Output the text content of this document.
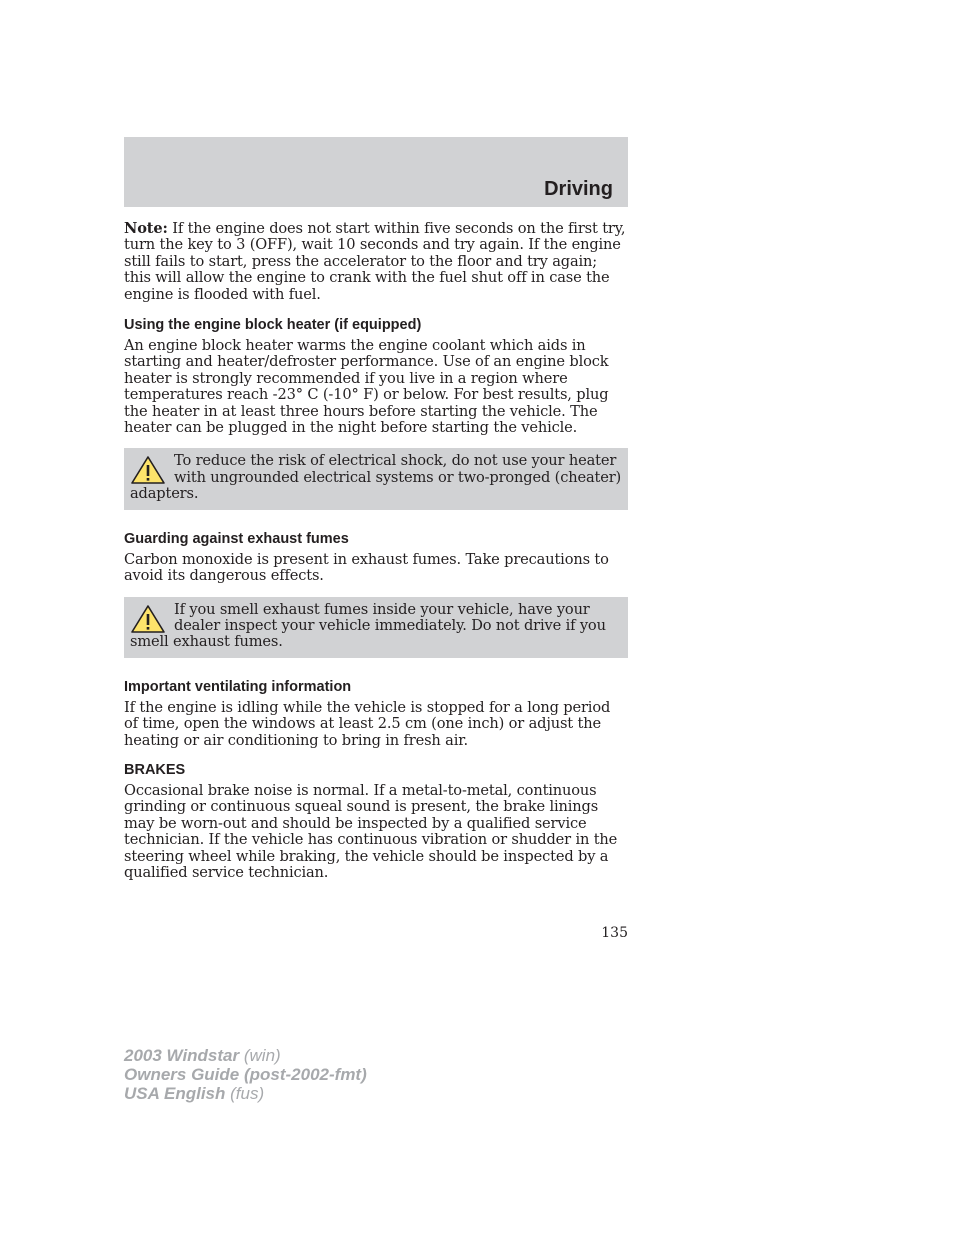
Driving

Note: If the engine does not start within five seconds on the first try, turn the key to 3 (OFF), wait 10 seconds and try again. If the engine still fails to start, press the accelerator to the floor and try again; this will allow the engine to crank with the fuel shut off in case the engine is flooded with fuel.

Using the engine block heater (if equipped)

An engine block heater warms the engine coolant which aids in starting and heater/defroster performance. Use of an engine block heater is strongly recommended if you live in a region where temperatures reach -23° C (-10° F) or below. For best results, plug the heater in at least three hours before starting the vehicle. The heater can be plugged in the night before starting the vehicle.

To reduce the risk of electrical shock, do not use your heater with ungrounded electrical systems or two-pronged (cheater) adapters.
Guarding against exhaust fumes

Carbon monoxide is present in exhaust fumes. Take precautions to avoid its dangerous effects.

If you smell exhaust fumes inside your vehicle, have your dealer inspect your vehicle immediately. Do not drive if you smell exhaust fumes.
Important ventilating information

If the engine is idling while the vehicle is stopped for a long period of time, open the windows at least 2.5 cm (one inch) or adjust the heating or air conditioning to bring in fresh air.

BRAKES

Occasional brake noise is normal. If a metal-to-metal, continuous grinding or continuous squeal sound is present, the brake linings may be worn-out and should be inspected by a qualified service technician. If the vehicle has continuous vibration or shudder in the steering wheel while braking, the vehicle should be inspected by a qualified service technician.

135
2003 Windstar (win)
Owners Guide (post-2002-fmt)
USA English (fus)
